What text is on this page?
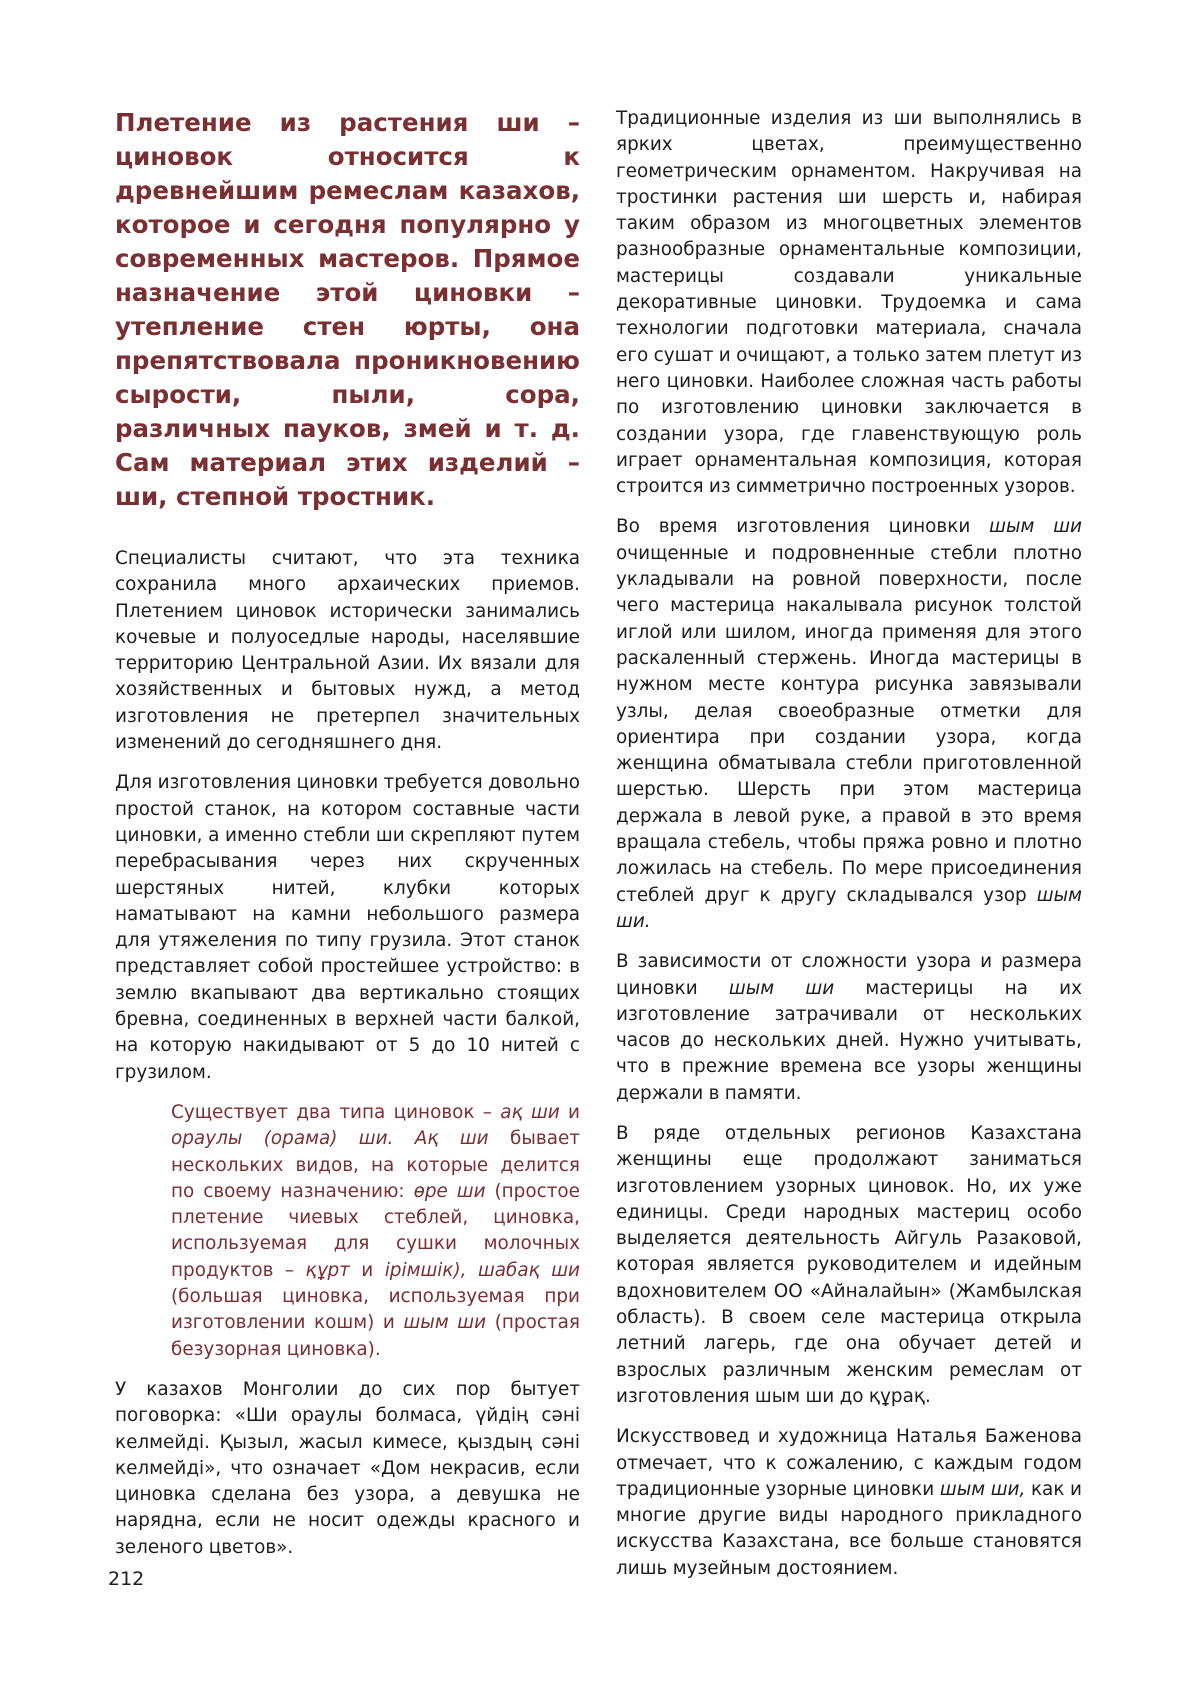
Плетение из растения ши – циновок относится к древнейшим ремеслам казахов, которое и сегодня популярно у современных мастеров. Прямое назначение этой циновки – утепление стен юрты, она препятствовала проникновению сырости, пыли, сора, различных пауков, змей и т. д. Сам материал этих изделий – ши, степной тростник.

Специалисты считают, что эта техника сохранила много архаических приемов. Плетением циновок исторически занимались кочевые и полуоседлые народы, населявшие территорию Центральной Азии. Их вязали для хозяйственных и бытовых нужд, а метод изготовления не претерпел значительных изменений до сегодняшнего дня.

Для изготовления циновки требуется довольно простой станок, на котором составные части циновки, а именно стебли ши скрепляют путем перебрасывания через них скрученных шерстяных нитей, клубки которых наматывают на камни небольшого размера для утяжеления по типу грузила. Этот станок представляет собой простейшее устройство: в землю вкапывают два вертикально стоящих бревна, соединенных в верхней части балкой, на которую накидывают от 5 до 10 нитей с грузилом.

Существует два типа циновок – ақ ши и ораулы (орама) ши. Ақ ши бывает нескольких видов, на которые делится по своему назначению: өре ши (простое плетение чиевых стеблей, циновка, используемая для сушки молочных продуктов – құрт и ірімшік), шабақ ши (большая циновка, используемая при изготовлении кошм) и шым ши (простая безузорная циновка).

У казахов Монголии до сих пор бытует поговорка: «Ши ораулы болмаса, үйдің сәні келмейді. Қызыл, жасыл кимесе, қыздың сәні келмейді», что означает «Дом некрасив, если циновка сделана без узора, а девушка не нарядна, если не носит одежды красного и зеленого цветов».

Традиционные изделия из ши выполнялись в ярких цветах, преимущественно геометрическим орнаментом. Накручивая на тростинки растения ши шерсть и, набирая таким образом из многоцветных элементов разнообразные орнаментальные композиции, мастерицы создавали уникальные декоративные циновки. Трудоемка и сама технологии подготовки материала, сначала его сушат и очищают, а только затем плетут из него циновки. Наиболее сложная часть работы по изготовлению циновки заключается в создании узора, где главенствующую роль играет орнаментальная композиция, которая строится из симметрично построенных узоров.

Во время изготовления циновки шым ши очищенные и подровненные стебли плотно укладывали на ровной поверхности, после чего мастерица накалывала рисунок толстой иглой или шилом, иногда применяя для этого раскаленный стержень. Иногда мастерицы в нужном месте контура рисунка завязывали узлы, делая своеобразные отметки для ориентира при создании узора, когда женщина обматывала стебли приготовленной шерстью. Шерсть при этом мастерица держала в левой руке, а правой в это время вращала стебель, чтобы пряжа ровно и плотно ложилась на стебель. По мере присоединения стеблей друг к другу складывался узор шым ши.

В зависимости от сложности узора и размера циновки шым ши мастерицы на их изготовление затрачивали от нескольких часов до нескольких дней. Нужно учитывать, что в прежние времена все узоры женщины держали в памяти.

В ряде отдельных регионов Казахстана женщины еще продолжают заниматься изготовлением узорных циновок. Но, их уже единицы. Среди народных мастериц особо выделяется деятельность Айгуль Разаковой, которая является руководителем и идейным вдохновителем ОО «Айналайын» (Жамбылская область). В своем селе мастерица открыла летний лагерь, где она обучает детей и взрослых различным женским ремеслам от изготовления шым ши до құрақ.

Искусствовед и художница Наталья Баженова отмечает, что к сожалению, с каждым годом традиционные узорные циновки шым ши, как и многие другие виды народного прикладного искусства Казахстана, все больше становятся лишь музейным достоянием.

212
